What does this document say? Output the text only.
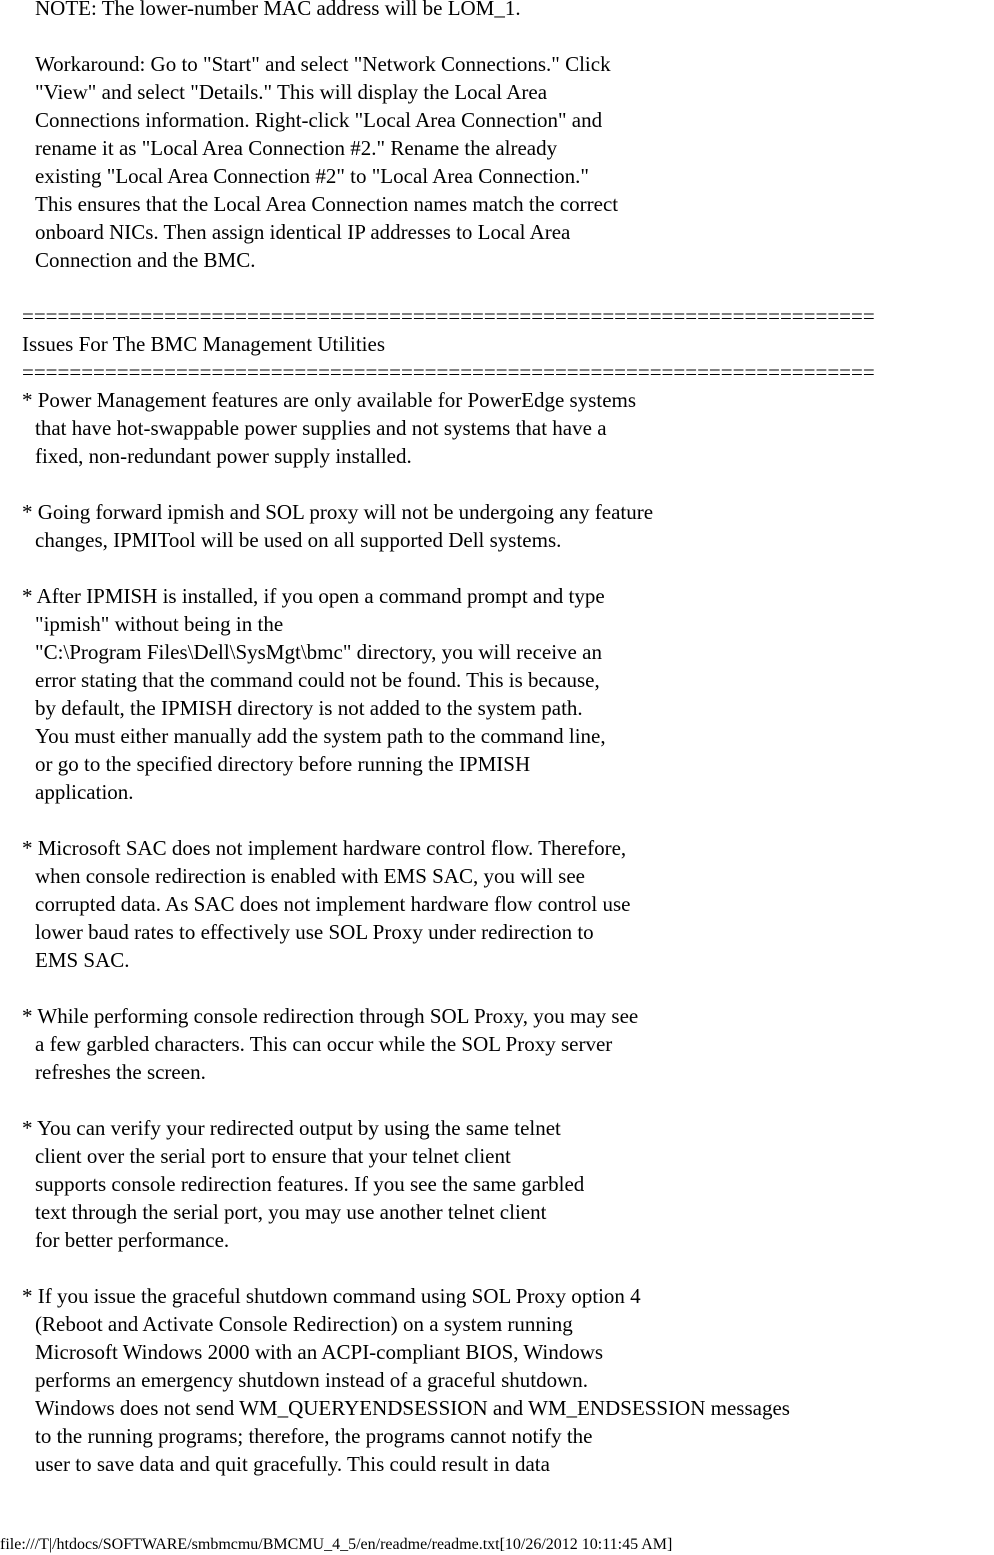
NOTE: The lower-number MAC address will be LOM_1.
Workaround: Go to "Start" and select "Network Connections." Click
"View" and select "Details." This will display the Local Area
Connections information. Right-click "Local Area Connection" and
rename it as "Local Area Connection #2." Rename the already
existing "Local Area Connection #2" to "Local Area Connection."
This ensures that the Local Area Connection names match the correct
onboard NICs. Then assign identical IP addresses to Local Area
Connection and the BMC.
========================================================================
Issues For The BMC Management Utilities
========================================================================
* Power Management features are only available for PowerEdge systems
that have hot-swappable power supplies and not systems that have a
fixed, non-redundant power supply installed.
* Going forward ipmish and SOL proxy will not be undergoing any feature
changes, IPMITool will be used on all supported Dell systems.
* After IPMISH is installed, if you open a command prompt and type
"ipmish" without being in the
"C:\Program Files\Dell\SysMgt\bmc" directory, you will receive an
error stating that the command could not be found. This is because,
by default, the IPMISH directory is not added to the system path.
You must either manually add the system path to the command line,
or go to the specified directory before running the IPMISH
application.
* Microsoft SAC does not implement hardware control flow. Therefore,
when console redirection is enabled with EMS SAC, you will see
corrupted data. As SAC does not implement hardware flow control use
lower baud rates to effectively use SOL Proxy under redirection to
EMS SAC.
* While performing console redirection through SOL Proxy, you may see
a few garbled characters. This can occur while the SOL Proxy server
refreshes the screen.
* You can verify your redirected output by using the same telnet
client over the serial port to ensure that your telnet client
supports console redirection features. If you see the same garbled
text through the serial port, you may use another telnet client
for better performance.
* If you issue the graceful shutdown command using SOL Proxy option 4
(Reboot and Activate Console Redirection) on a system running
Microsoft Windows 2000 with an ACPI-compliant BIOS, Windows
performs an emergency shutdown instead of a graceful shutdown.
Windows does not send WM_QUERYENDSESSION and WM_ENDSESSION messages
to the running programs; therefore, the programs cannot notify the
user to save data and quit gracefully. This could result in data
file:///T|/htdocs/SOFTWARE/smbmcmu/BMCMU_4_5/en/readme/readme.txt[10/26/2012 10:11:45 AM]
